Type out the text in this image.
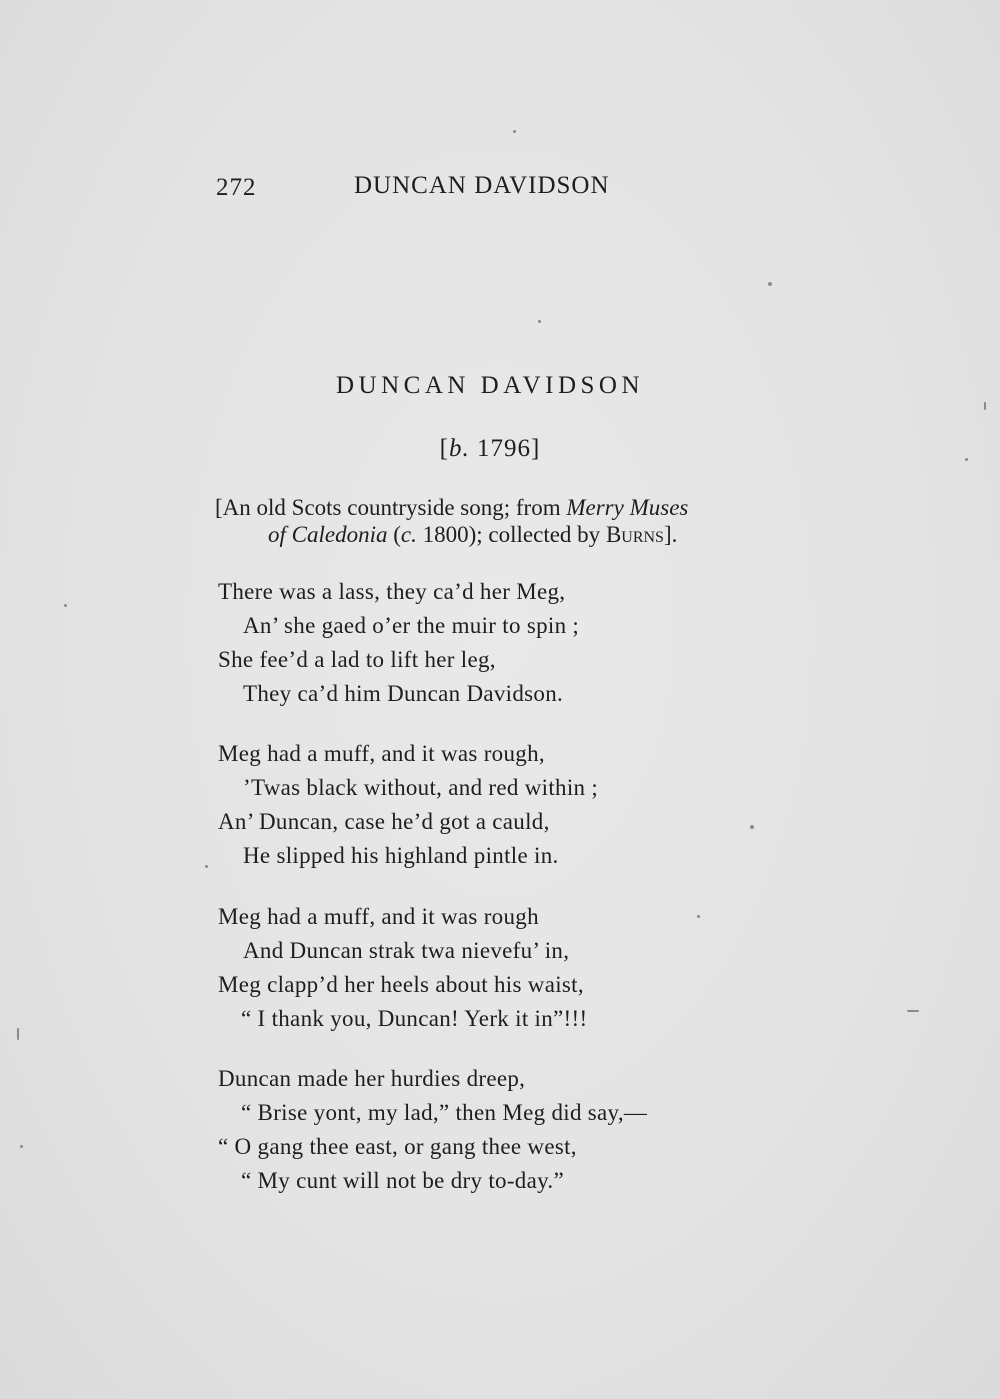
272	DUNCAN DAVIDSON
DUNCAN DAVIDSON
[b. 1796]
[An old Scots countryside song; from Merry Muses
of Caledonia (c. 1800); collected by Burns].
There was a lass, they ca’d her Meg,
An’ she gaed o’er the muir to spin ;
She fee’d a lad to lift her leg,
They ca’d him Duncan Davidson.
Meg had a muff, and it was rough,
’Twas black without, and red within ;
An’ Duncan, case he’d got a cauld,
He slipped his highland pintle in.
Meg had a muff, and it was rough
And Duncan strak twa nievefu’ in,
Meg clapp’d her heels about his waist,
“ I thank you, Duncan! Yerk it in”!!!
Duncan made her hurdies dreep,
“ Brise yont, my lad,” then Meg did say,—
“ O gang thee east, or gang thee west,
“ My cunt will not be dry to-day.”
